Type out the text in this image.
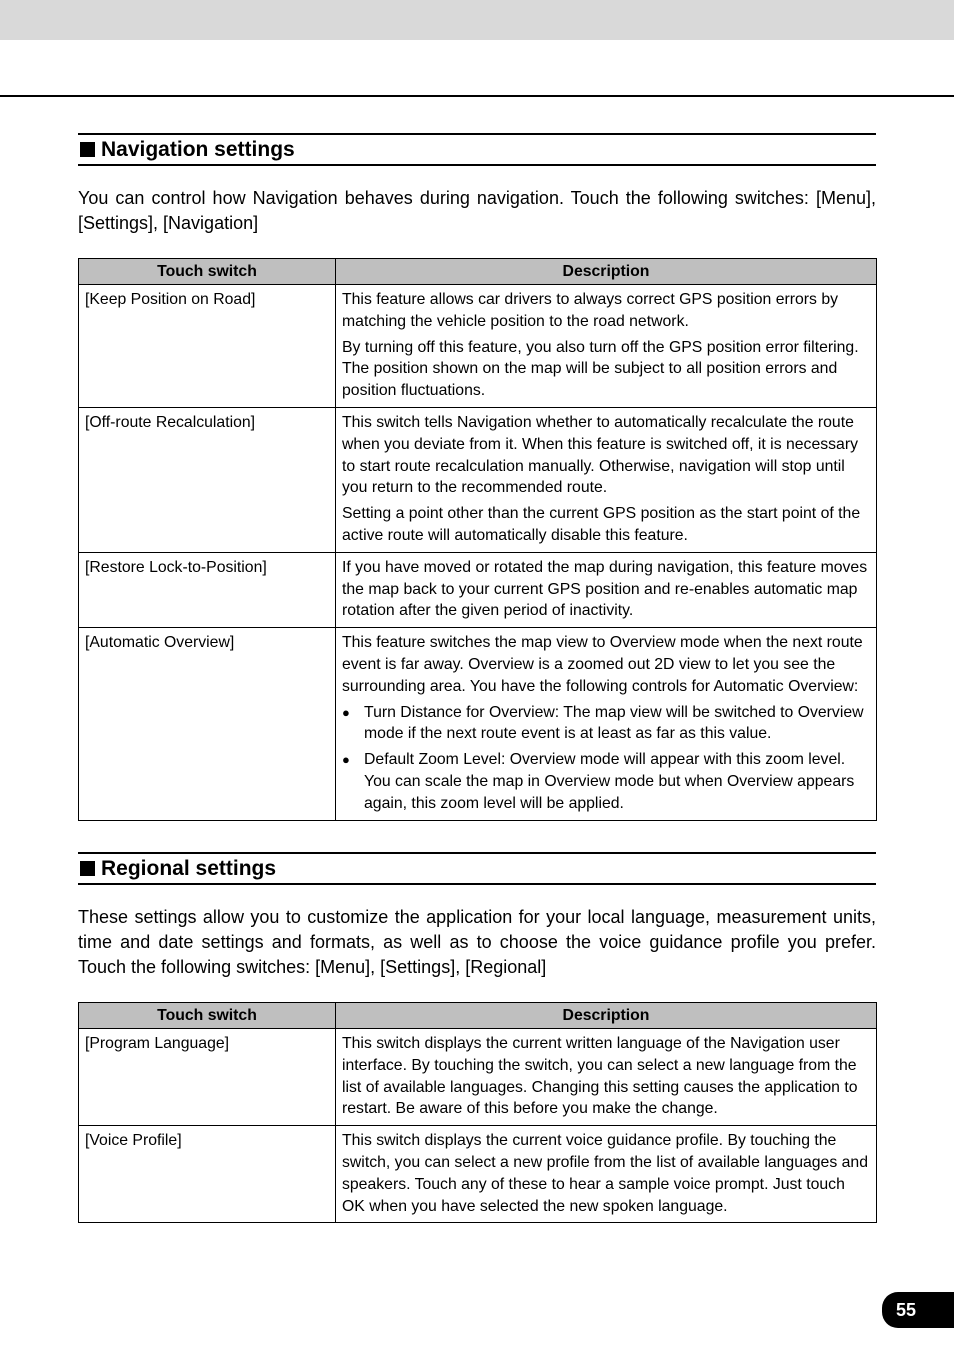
Navigation settings

You can control how Navigation behaves during navigation. Touch the following switches: [Menu], [Settings], [Navigation]

Touch switch	Description
[Keep Position on Road]	This feature allows car drivers to always correct GPS position errors by matching the vehicle position to the road network.

By turning off this feature, you also turn off the GPS position error filtering. The position shown on the map will be subject to all position errors and position fluctuations.

[Off-route Recalculation]	This switch tells Navigation whether to automatically recalculate the route when you deviate from it. When this feature is switched off, it is necessary to start route recalculation manually. Otherwise, navigation will stop until you return to the recommended route.

Setting a point other than the current GPS position as the start point of the active route will automatically disable this feature.

[Restore Lock-to-Position]	If you have moved or rotated the map during navigation, this feature moves the map back to your current GPS position and re-enables automatic map rotation after the given period of inactivity.

[Automatic Overview]	This feature switches the map view to Overview mode when the next route event is far away. Overview is a zoomed out 2D view to let you see the surrounding area. You have the following controls for Automatic Overview:

● Turn Distance for Overview: The map view will be switched to Overview mode if the next route event is at least as far as this value.
● Default Zoom Level: Overview mode will appear with this zoom level. You can scale the map in Overview mode but when Overview appears again, this zoom level will be applied.
Regional settings

These settings allow you to customize the application for your local language, measurement units, time and date settings and formats, as well as to choose the voice guidance profile you prefer. Touch the following switches: [Menu], [Settings], [Regional]

Touch switch	Description
[Program Language]	This switch displays the current written language of the Navigation user interface. By touching the switch, you can select a new language from the list of available languages. Changing this setting causes the application to restart. Be aware of this before you make the change.

[Voice Profile]	This switch displays the current voice guidance profile. By touching the switch, you can select a new profile from the list of available languages and speakers. Touch any of these to hear a sample voice prompt. Just touch OK when you have selected the new spoken language.

55
